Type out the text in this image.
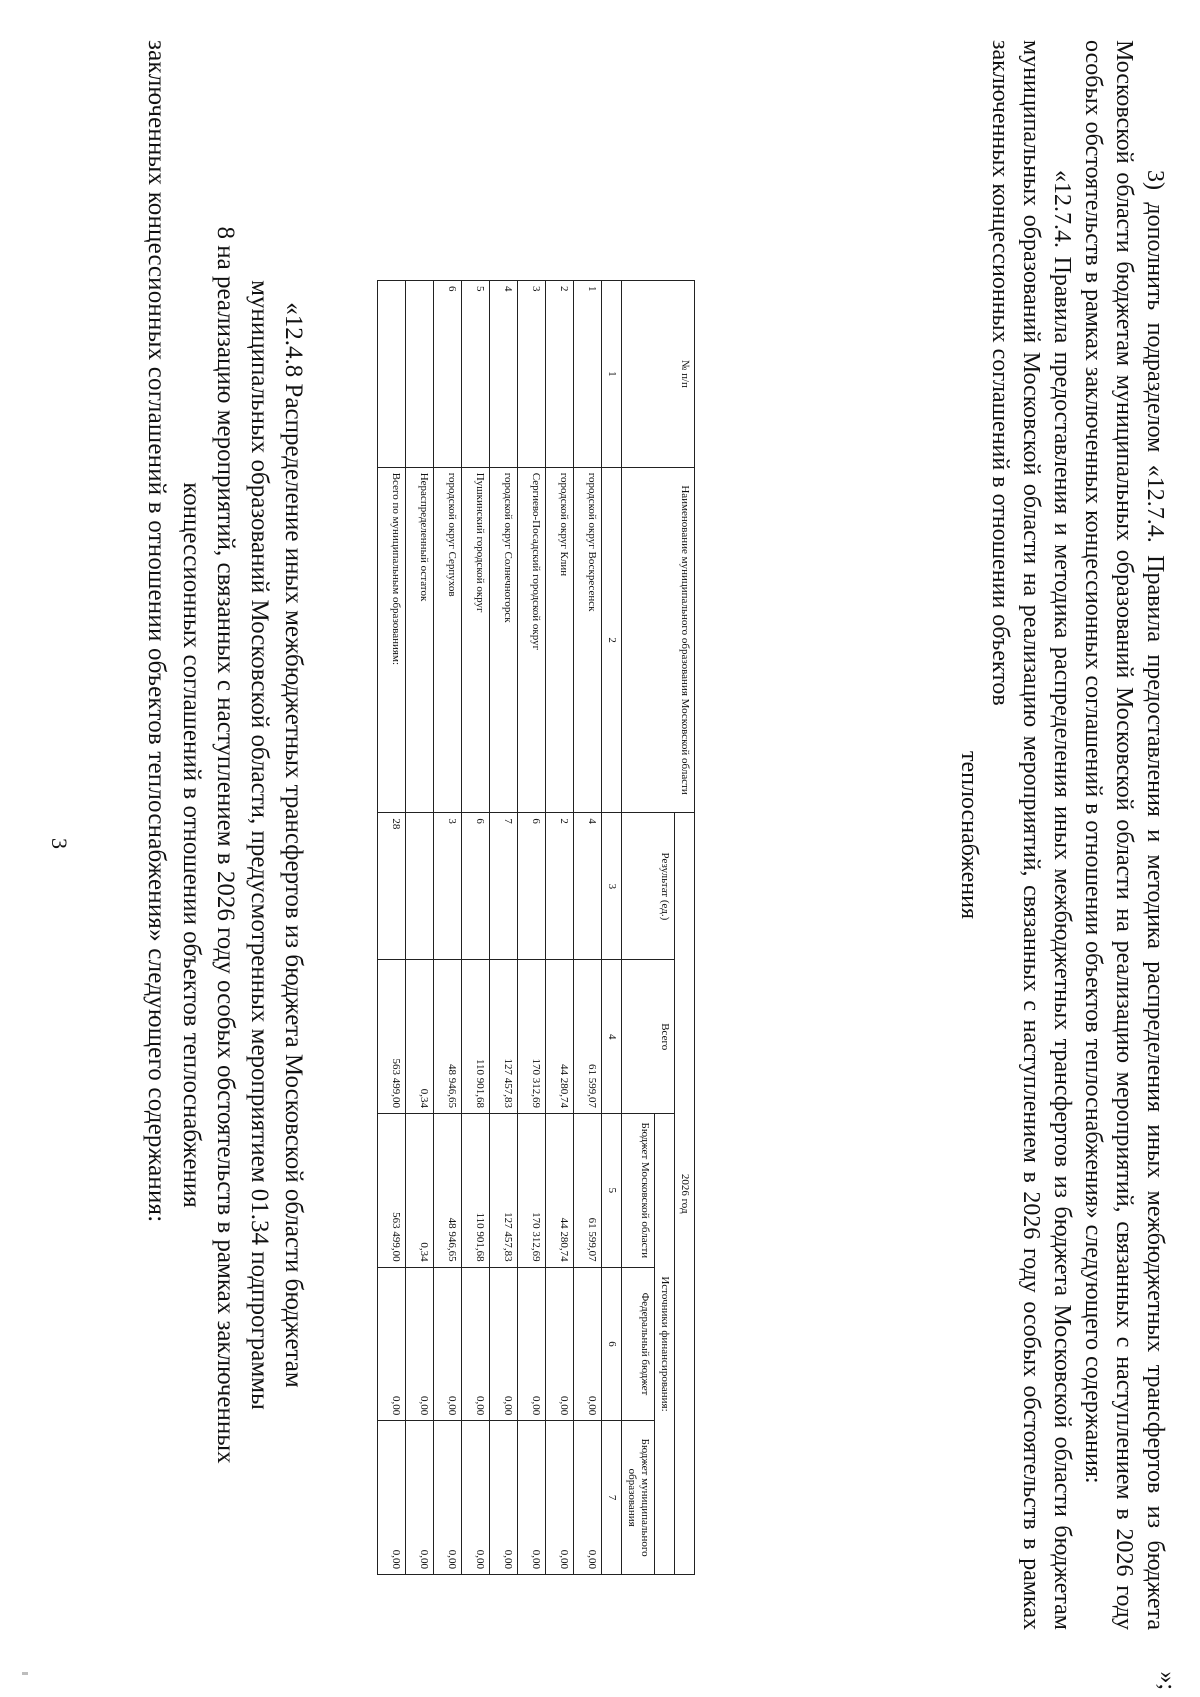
3	заключенных концессионных соглашений в отношении объектов теплоснабжения» следующего содержания:	«12.4.8 Распределение иных межбюджетных трансфертов из бюджета Московской области бюджетам

муниципальных образований Московской области, предусмотренных мероприятием 01.34 подпрограммы

8 на реализацию мероприятий, связанных с наступлением в 2026 году особых обстоятельств в рамках заключенных

концессионных соглашений в отношении объектов теплоснабжения

№ п/п	Наименование муниципального образования Московской области	2026 год				
		Результат (ед.)	Всего	Источники финансирования:		
				Бюджет Московской области	Федеральный бюджет	Бюджет муниципального образования
1	2	3	4	5	6	7
1	городской округ Воскресенск	4	61 599,07	61 599,07	0,00	0,00
2	городской округ Клин	2	44 280,74	44 280,74	0,00	0,00
3	Сергиево-Посадский городской округ	6	170 312,69	170 312,69	0,00	0,00
4	городской округ Солнечногорск	7	127 457,83	127 457,83	0,00	0,00
5	Пушкинский городской округ	6	110 901,68	110 901,68	0,00	0,00
6	городской округ Серпухов	3	48 946,65	48 946,65	0,00	0,00
	Нераспределенный остаток		0,34	0,34	0,00	0,00
	Всего по муниципальным образованиям:	28	563 499,00	563 499,00	0,00	0,00
»;

3) дополнить подразделом «12.7.4. Правила предоставления и методика распределения иных межбюджетных трансфертов из бюджета Московской области бюджетам муниципальных образований Московской области на реализацию мероприятий, связанных с наступлением в 2026 году особых обстоятельств в рамках заключенных концессионных соглашений в отношении объектов теплоснабжения» следующего содержания:

«12.7.4. Правила предоставления и методика распределения иных межбюджетных трансфертов из бюджета Московской области бюджетам муниципальных образований Московской области на реализацию мероприятий, связанных с наступлением в 2026 году особых обстоятельств в рамках заключенных концессионных соглашений в отношении объектов

теплоснабжения
